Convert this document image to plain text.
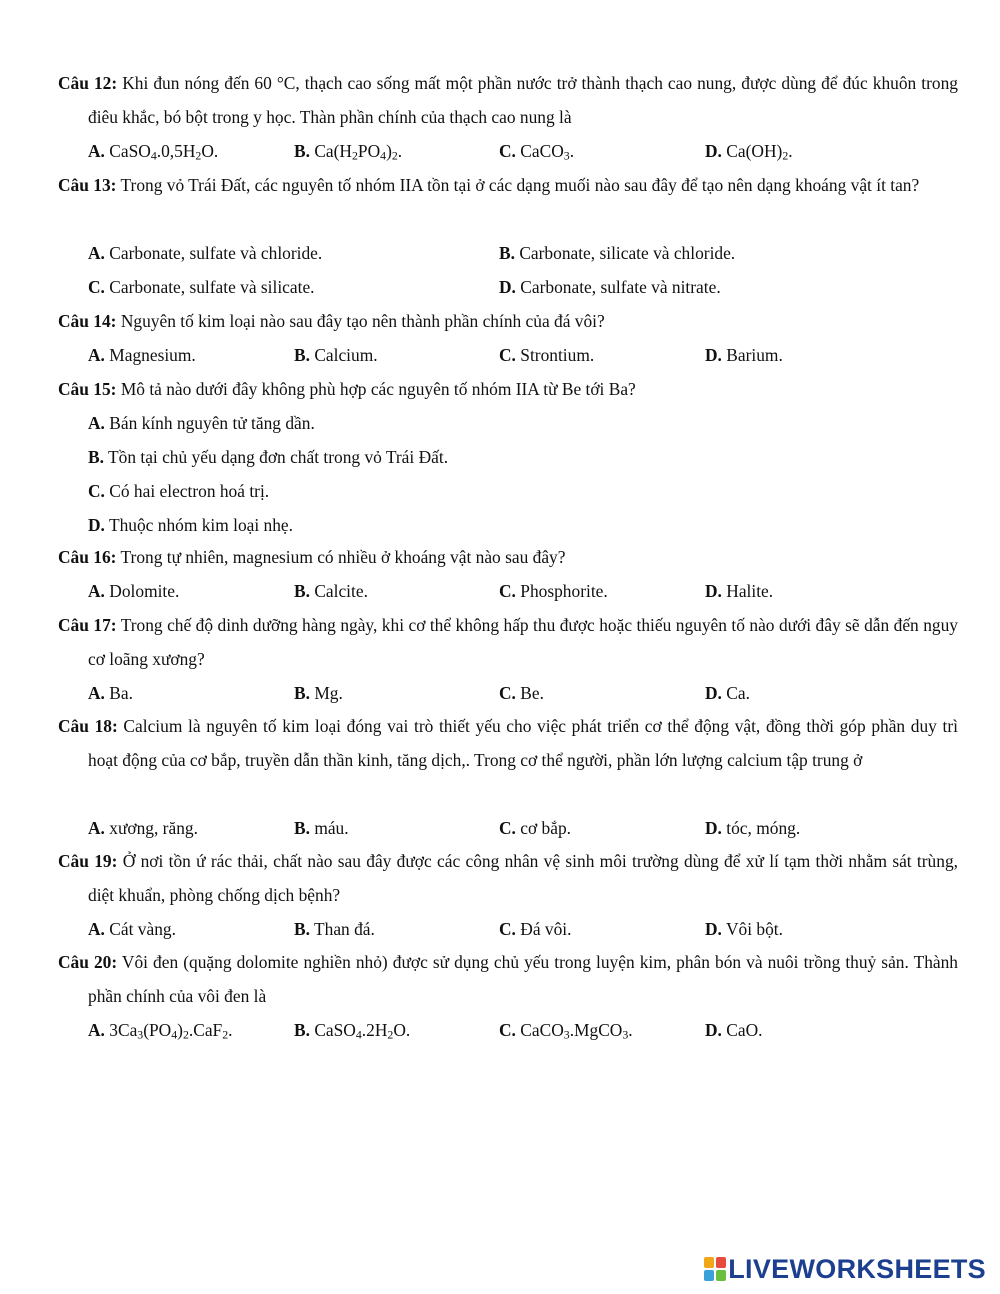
Câu 12: Khi đun nóng đến 60 °C, thạch cao sống mất một phần nước trở thành thạch cao nung, được dùng để đúc khuôn trong điêu khắc, bó bột trong y học. Thàn phần chính của thạch cao nung là
A. $CaSO_4.0,5H_2O$.	B. $Ca(H_2PO_4)_2$.	C. CaCO$_3$.	D. $Ca(OH)_2$.
Câu 13: Trong vỏ Trái Đất, các nguyên tố nhóm IIA tồn tại ở các dạng muối nào sau đây để tạo nên dạng khoáng vật ít tan?
A. Carbonate, sulfate và chloride.	B. Carbonate, silicate và chloride.
C. Carbonate, sulfate và silicate.	D. Carbonate, sulfate và nitrate.
Câu 14: Nguyên tố kim loại nào sau đây tạo nên thành phần chính của đá vôi?
A. Magnesium.	B. Calcium.	C. Strontium.	D. Barium.
Câu 15: Mô tả nào dưới đây không phù hợp các nguyên tố nhóm IIA từ Be tới Ba?
A. Bán kính nguyên tử tăng dần.
B. Tồn tại chủ yếu dạng đơn chất trong vỏ Trái Đất.
C. Có hai electron hoá trị.
D. Thuộc nhóm kim loại nhẹ.
Câu 16: Trong tự nhiên, magnesium có nhiều ở khoáng vật nào sau đây?
A. Dolomite.	B. Calcite.	C. Phosphorite.	D. Halite.
Câu 17: Trong chế độ dinh dưỡng hàng ngày, khi cơ thể không hấp thu được hoặc thiếu nguyên tố nào dưới đây sẽ dẫn đến nguy cơ loãng xương?
A. Ba.	B. Mg.	C. Be.	D. Ca.
Câu 18: Calcium là nguyên tố kim loại đóng vai trò thiết yếu cho việc phát triển cơ thể động vật, đồng thời góp phần duy trì hoạt động của cơ bắp, truyền dẫn thần kinh, tăng dịch,. Trong cơ thể người, phần lớn lượng calcium tập trung ở
A. xương, răng.	B. máu.	C. cơ bắp.	D. tóc, móng.
Câu 19: Ở nơi tồn ứ rác thải, chất nào sau đây được các công nhân vệ sinh môi trường dùng để xử lí tạm thời nhằm sát trùng, diệt khuẩn, phòng chống dịch bệnh?
A. Cát vàng.	B. Than đá.	C. Đá vôi.	D. Vôi bột.
Câu 20: Vôi đen (quặng dolomite nghiền nhỏ) được sử dụng chủ yếu trong luyện kim, phân bón và nuôi trồng thuỷ sản. Thành phần chính của vôi đen là
A. $3Ca_3(PO_4)_2.CaF_2$.	B. $CaSO_4.2H_2O$.	C. CaCO$_3$.MgCO$_3$.	D. CaO.
LIVEWORKSHEETS
